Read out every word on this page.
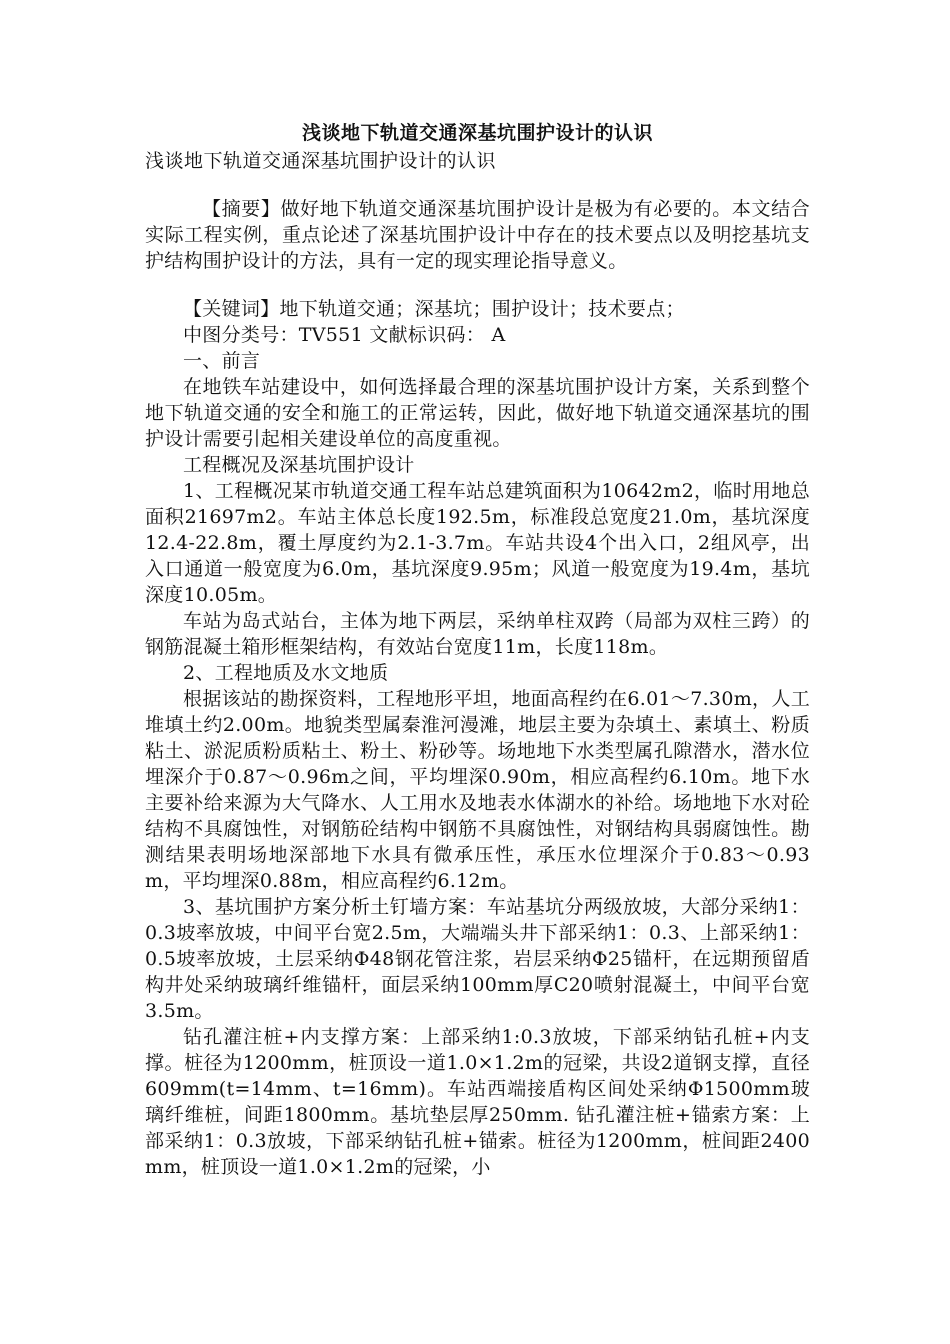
浅谈地下轨道交通深基坑围护设计的认识

浅谈地下轨道交通深基坑围护设计的认识

【摘要】做好地下轨道交通深基坑围护设计是极为有必要的。本文结合实际工程实例，重点论述了深基坑围护设计中存在的技术要点以及明挖基坑支护结构围护设计的方法，具有一定的现实理论指导意义。

【关键词】地下轨道交通；深基坑；围护设计；技术要点；

中图分类号：TV551 文献标识码： A

一、前言

在地铁车站建设中，如何选择最合理的深基坑围护设计方案，关系到整个地下轨道交通的安全和施工的正常运转，因此，做好地下轨道交通深基坑的围护设计需要引起相关建设单位的高度重视。

工程概况及深基坑围护设计

1、工程概况某市轨道交通工程车站总建筑面积为10642m2，临时用地总面积21697m2。车站主体总长度192.5m，标准段总宽度21.0m，基坑深度12.4-22.8m，覆土厚度约为2.1-3.7m。车站共设4个出入口，2组风亭，出入口通道一般宽度为6.0m，基坑深度9.95m；风道一般宽度为19.4m，基坑深度10.05m。

车站为岛式站台，主体为地下两层，采纳单柱双跨（局部为双柱三跨）的钢筋混凝土箱形框架结构，有效站台宽度11m，长度118m。

2、工程地质及水文地质

根据该站的勘探资料，工程地形平坦，地面高程约在6.01～7.30m，人工堆填土约2.00m。地貌类型属秦淮河漫滩，地层主要为杂填土、素填土、粉质粘土、淤泥质粉质粘土、粉土、粉砂等。场地地下水类型属孔隙潜水，潜水位埋深介于0.87～0.96m之间，平均埋深0.90m，相应高程约6.10m。地下水主要补给来源为大气降水、人工用水及地表水体湖水的补给。场地地下水对砼结构不具腐蚀性，对钢筋砼结构中钢筋不具腐蚀性，对钢结构具弱腐蚀性。勘测结果表明场地深部地下水具有微承压性，承压水位埋深介于0.83～0.93m，平均埋深0.88m，相应高程约6.12m。

3、基坑围护方案分析土钉墙方案：车站基坑分两级放坡，大部分采纳1：0.3坡率放坡，中间平台宽2.5m，大端端头井下部采纳1：0.3、上部采纳1：0.5坡率放坡，土层采纳Φ48钢花管注浆，岩层采纳Φ25锚杆，在远期预留盾构井处采纳玻璃纤维锚杆，面层采纳100mm厚C20喷射混凝土，中间平台宽3.5m。

钻孔灌注桩+内支撑方案：上部采纳1:0.3放坡，下部采纳钻孔桩+内支撑。桩径为1200mm，桩顶设一道1.0×1.2m的冠梁，共设2道钢支撑，直径609mm(t=14mm、t=16mm)。车站西端接盾构区间处采纳Φ1500mm玻璃纤维桩，间距1800mm。基坑垫层厚250mm. 钻孔灌注桩+锚索方案：上部采纳1：0.3放坡，下部采纳钻孔桩+锚索。桩径为1200mm，桩间距2400mm，桩顶设一道1.0×1.2m的冠梁，小
